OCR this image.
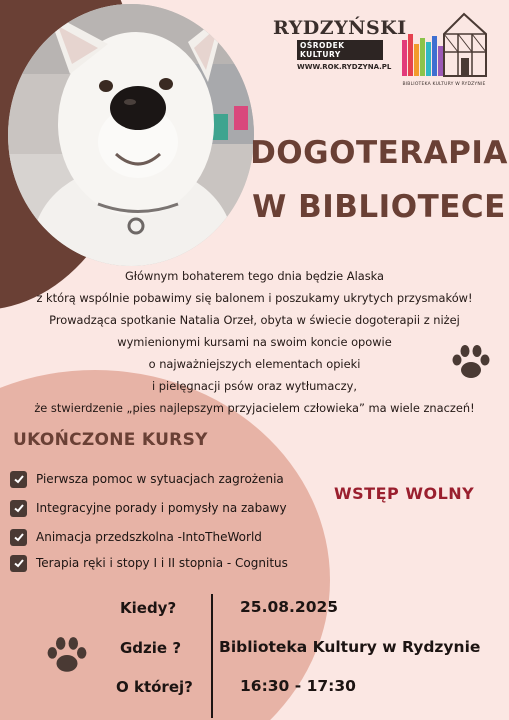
RYDZYŃSKI
OŚRODEK KULTURY
WWW.ROK.RYDZYNA.PL
BIBLIOTEKA KULTURY W RYDZYNIE
DOGOTERAPIA
W BIBLIOTECE
Głównym bohaterem tego dnia będzie Alaska
z którą wspólnie pobawimy się balonem i poszukamy ukrytych przysmaków!
Prowadząca spotkanie Natalia Orzeł, obyta w świecie dogoterapii z niżej
wymienionymi kursami na swoim koncie opowie
o najważniejszych elementach opieki
i pielęgnacji psów oraz wytłumaczy,
że stwierdzenie „pies najlepszym przyjacielem człowieka” ma wiele znaczeń!
UKOŃCZONE KURSY
Pierwsza pomoc w sytuacjach zagrożenia
Integracyjne porady i pomysły na zabawy
Animacja przedszkolna -IntoTheWorld
Terapia ręki i stopy I i II stopnia - Cognitus
WSTĘP WOLNY
Kiedy?	25.08.2025
Gdzie ? Biblioteka Kultury w Rydzynie
O której?	16:30 - 17:30
